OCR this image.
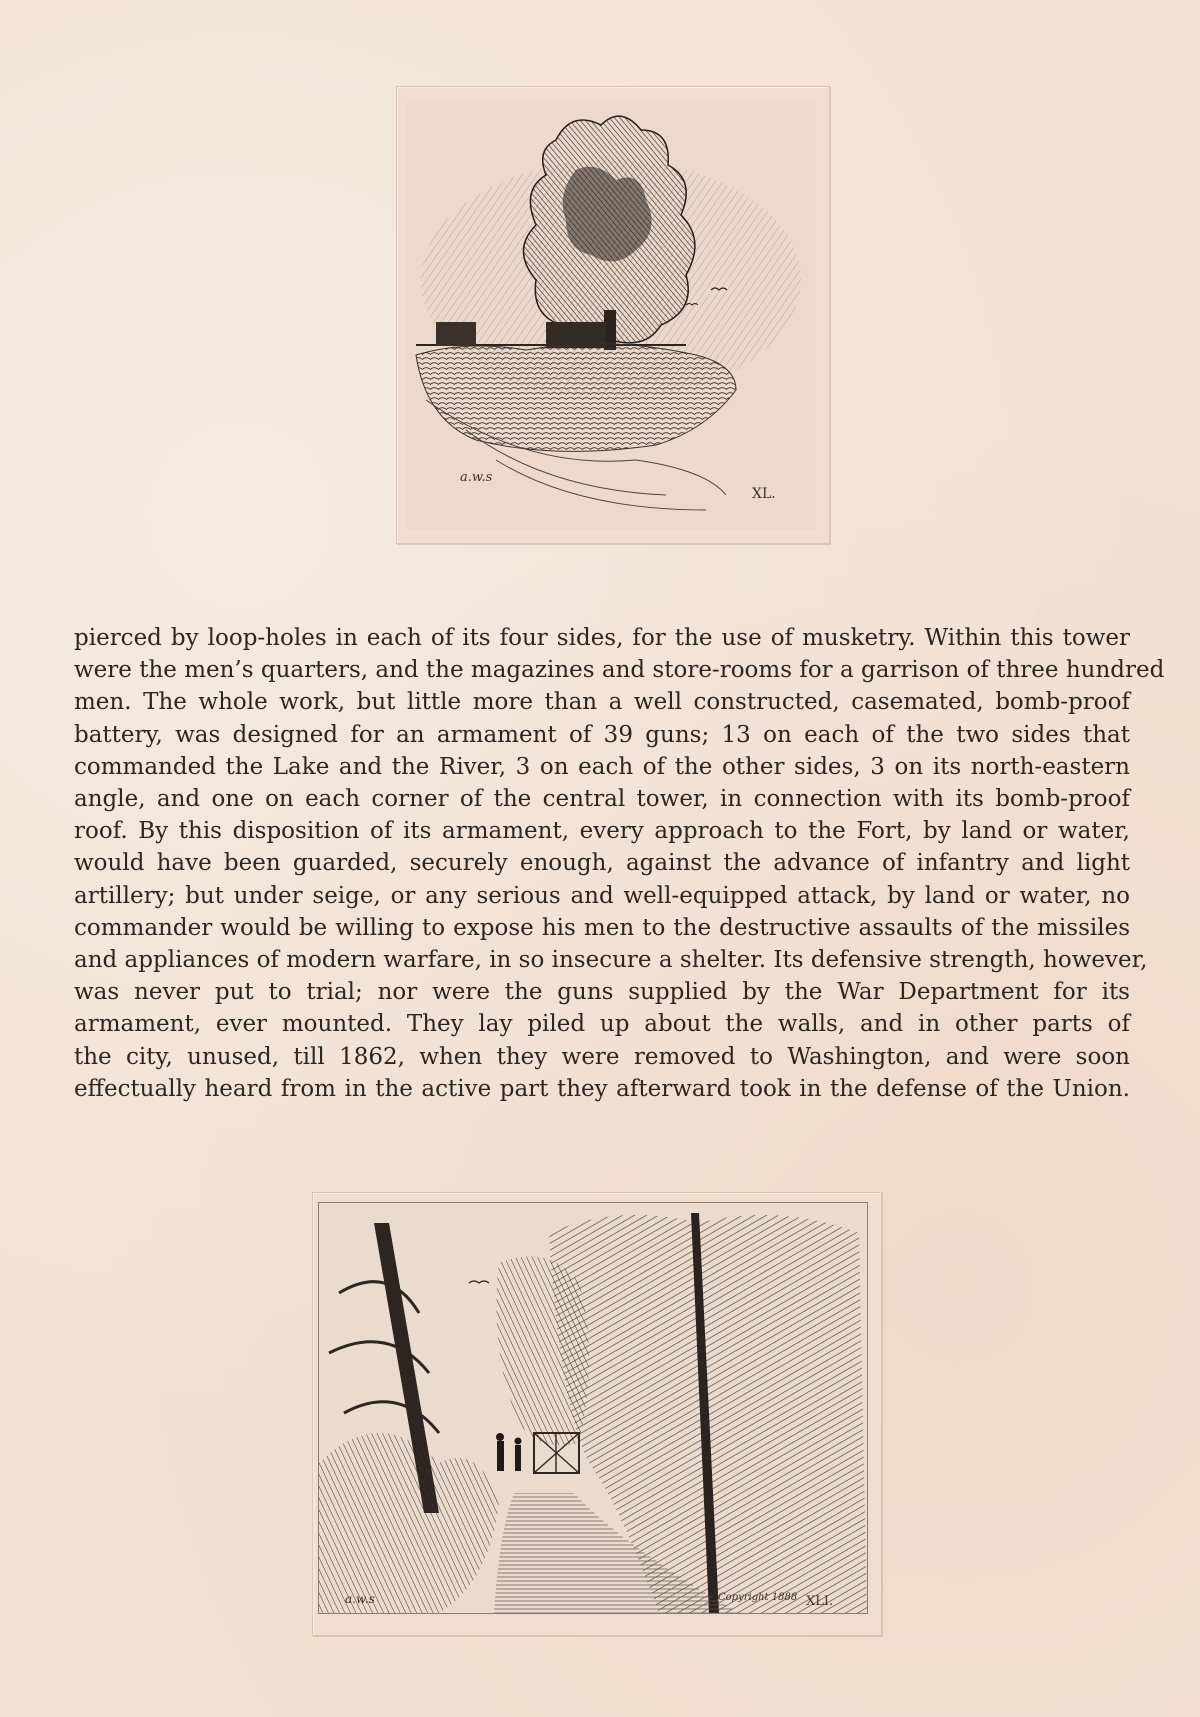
a.w.s
XL.
pierced by loop-holes in each of its four sides, for the use of musketry. Within this tower
were the men’s quarters, and the magazines and store-rooms for a garrison of three hundred
men. The whole work, but little more than a well constructed, casemated, bomb-proof
battery, was designed for an armament of 39 guns; 13 on each of the two sides that
commanded the Lake and the River, 3 on each of the other sides, 3 on its north-eastern
angle, and one on each corner of the central tower, in connection with its bomb-proof
roof. By this disposition of its armament, every approach to the Fort, by land or water,
would have been guarded, securely enough, against the advance of infantry and light
artillery; but under seige, or any serious and well-equipped attack, by land or water, no
commander would be willing to expose his men to the destructive assaults of the missiles
and appliances of modern warfare, in so insecure a shelter. Its defensive strength, however,
was never put to trial; nor were the guns supplied by the War Department for its
armament, ever mounted. They lay piled up about the walls, and in other parts of
the city, unused, till 1862, when they were removed to Washington, and were soon
effectually heard from in the active part they afterward took in the defense of the Union.
a.w.s	Copyright 1888 XLI.
